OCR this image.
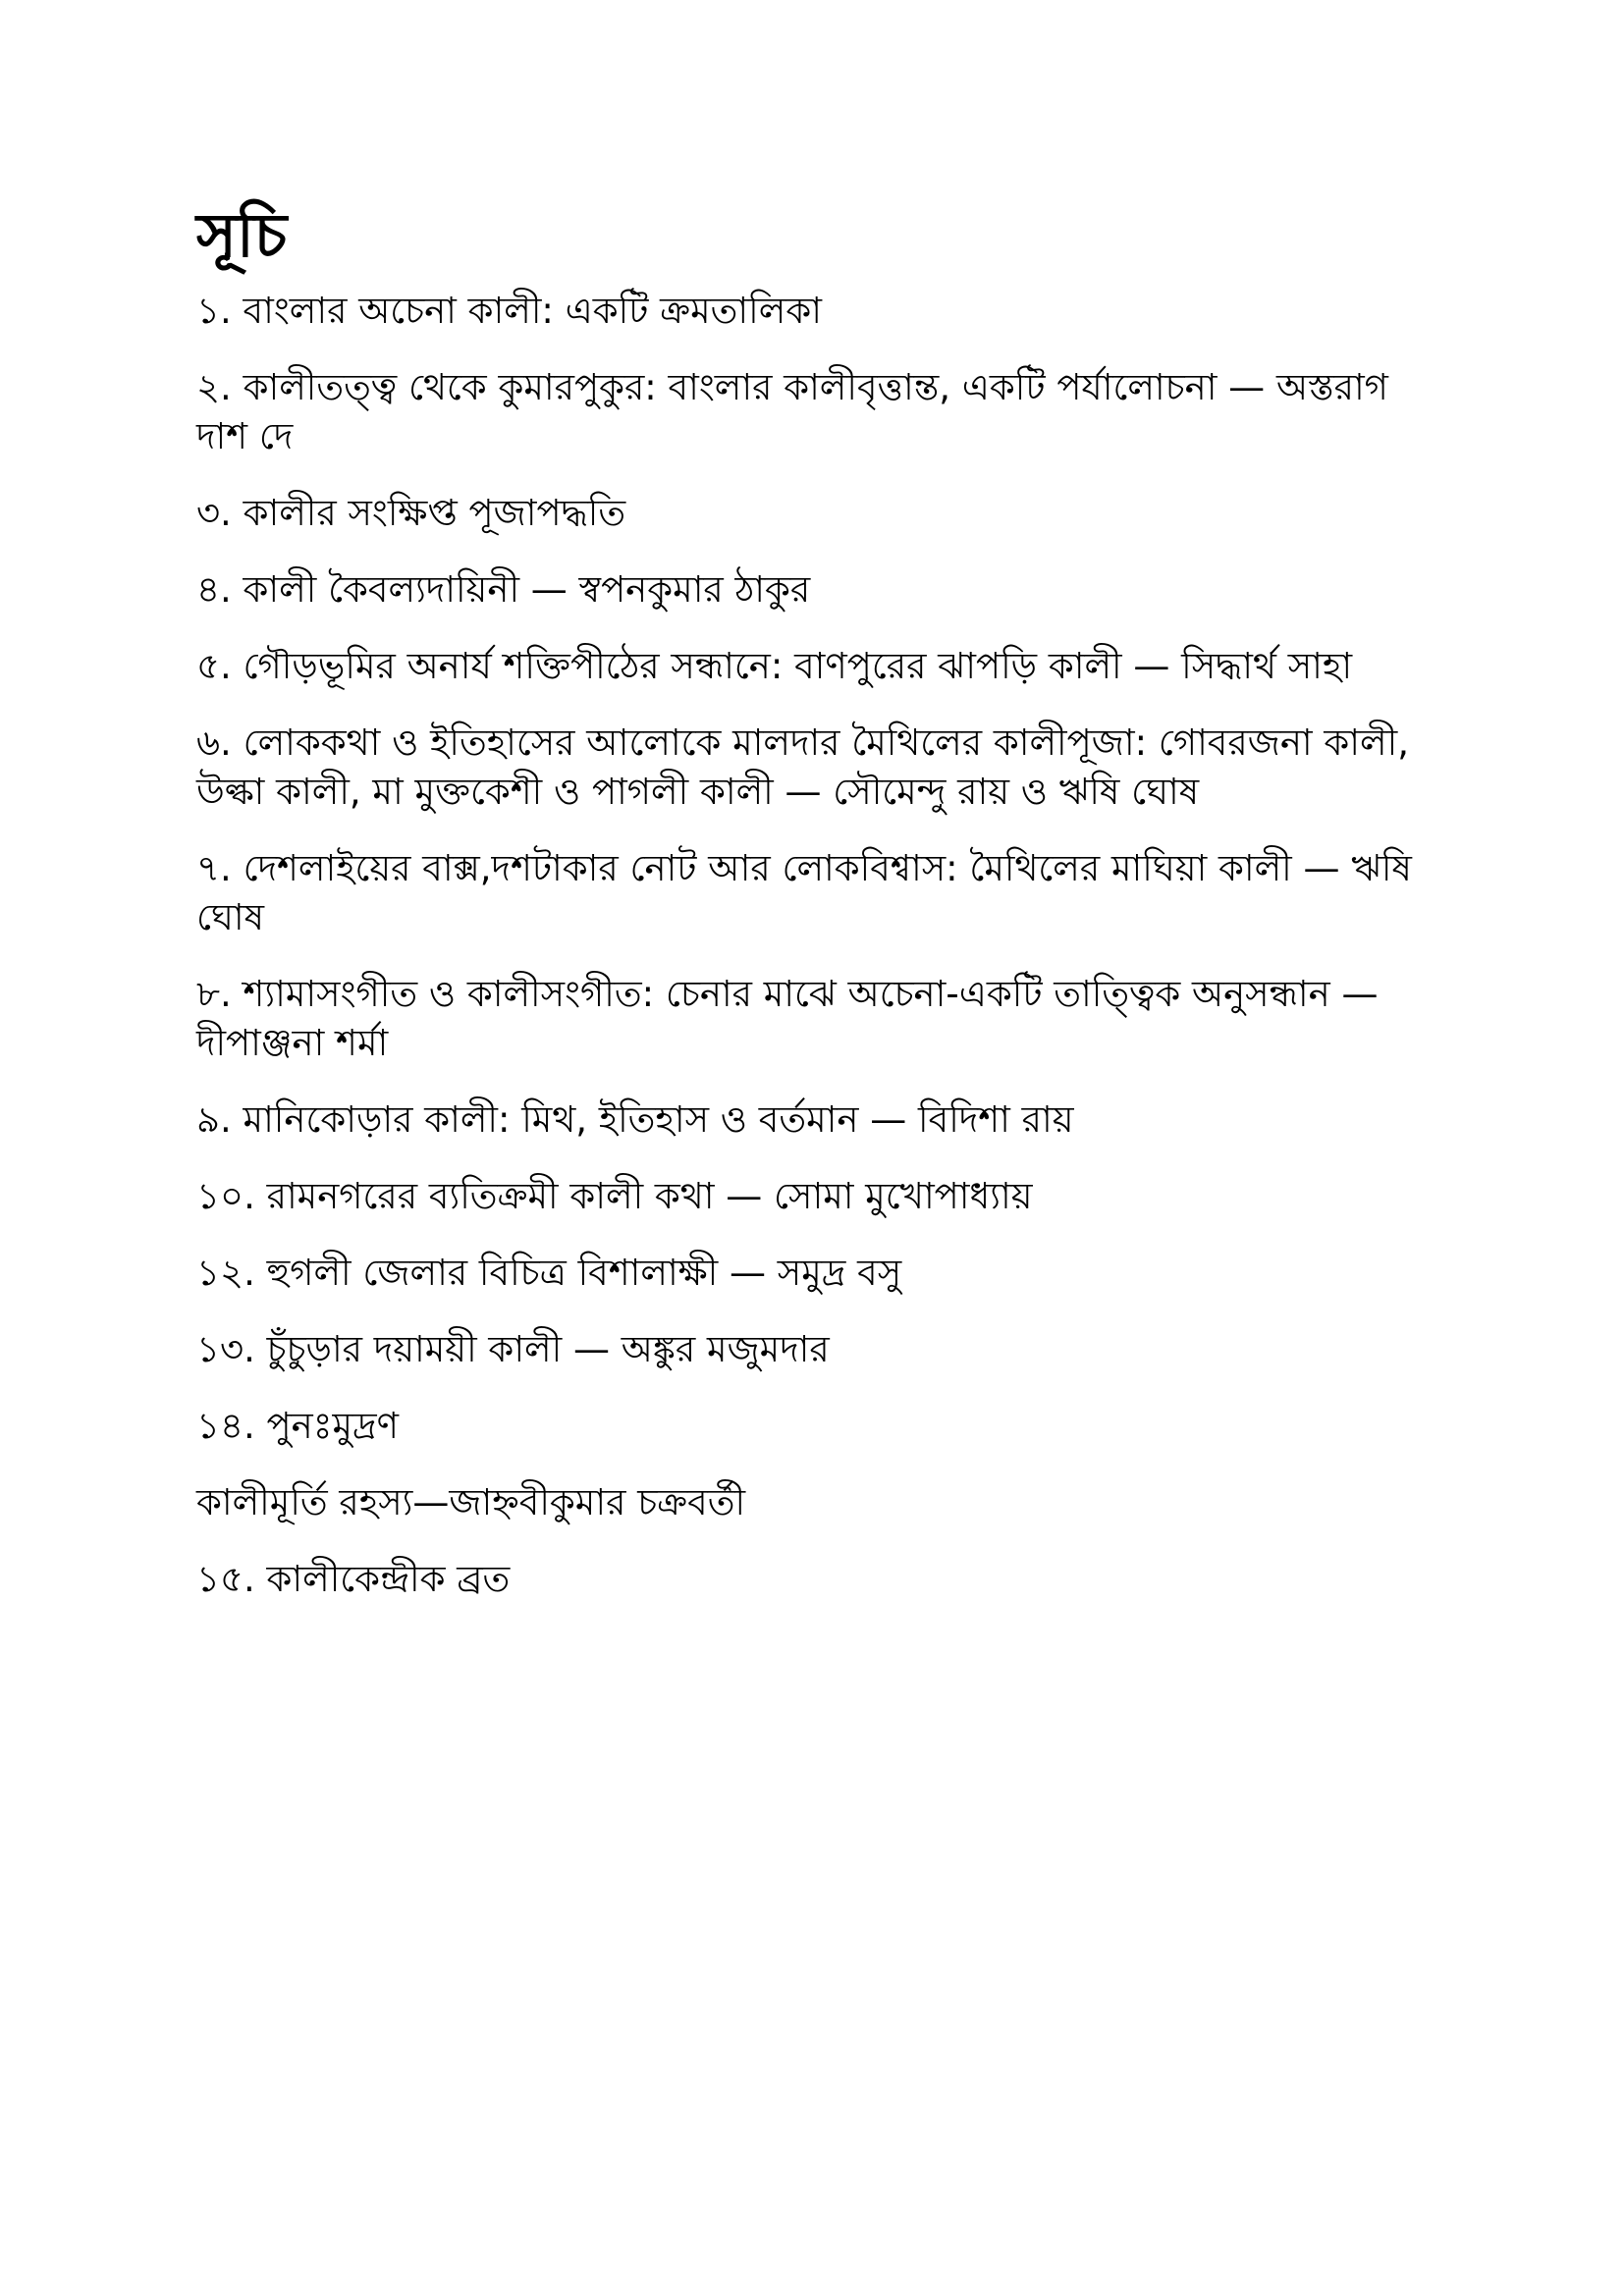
সূচি
১. বাংলার অচেনা কালী: একটি ক্রমতালিকা
২. কালীতত্ত্ব থেকে কুমারপুকুর: বাংলার কালীবৃত্তান্ত, একটি পর্যালোচনা — অস্তরাগ দাশ দে
৩. কালীর সংক্ষিপ্ত পূজাপদ্ধতি
৪. কালী কৈবল্যদায়িনী — স্বপনকুমার ঠাকুর
৫. গৌড়ভূমির অনার্য শক্তিপীঠের সন্ধানে: বাণপুরের ঝাপড়ি কালী — সিদ্ধার্থ সাহা
৬. লোককথা ও ইতিহাসের আলোকে মালদার মৈথিলের কালীপূজা: গোবরজনা কালী, উল্কা কালী, মা মুক্তকেশী ও পাগলী কালী — সৌমেন্দু রায় ও ঋষি ঘোষ
৭. দেশলাইয়ের বাক্স,দশটাকার নোট আর লোকবিশ্বাস: মৈথিলের মাঘিয়া কালী — ঋষি ঘোষ
৮. শ্যামাসংগীত ও কালীসংগীত: চেনার মাঝে অচেনা-একটি তাত্ত্বিক অনুসন্ধান — দীপাঞ্জনা শর্মা
৯. মানিকোড়ার কালী: মিথ, ইতিহাস ও বর্তমান — বিদিশা রায়
১০. রামনগরের ব্যতিক্রমী কালী কথা — সোমা মুখোপাধ্যায়
১২. হুগলী জেলার বিচিত্র বিশালাক্ষী — সমুদ্র বসু
১৩. চুঁচুড়ার দয়াময়ী কালী — অঙ্কুর মজুমদার
১৪. পুনঃমুদ্রণ
কালীমূর্তি রহস্য—জাহ্নবীকুমার চক্রবর্তী
১৫. কালীকেন্দ্রীক ব্রত
